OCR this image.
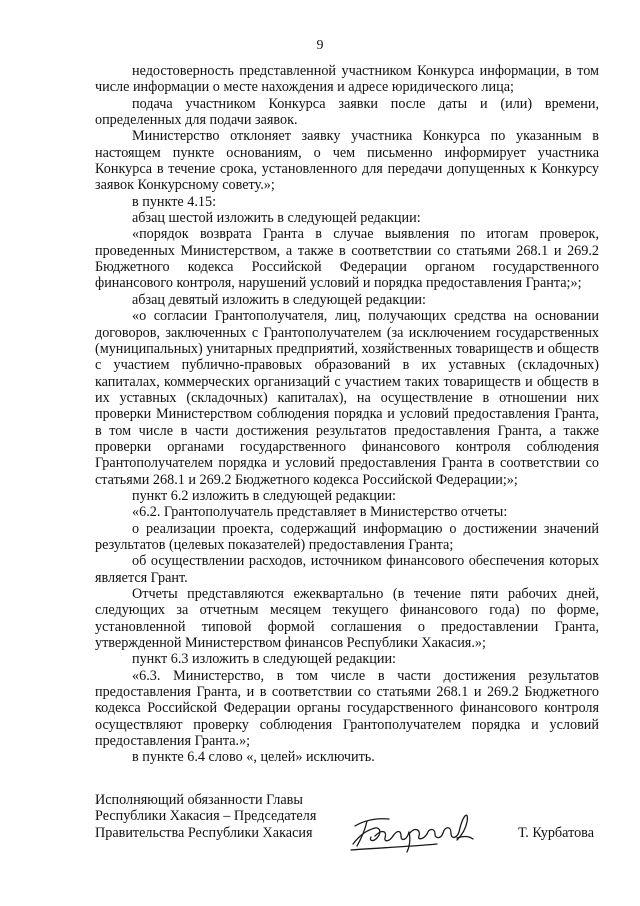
9

недостоверность представленной участником Конкурса информации, в том числе информации о месте нахождения и адресе юридического лица;

подача участником Конкурса заявки после даты и (или) времени, определенных для подачи заявок.

Министерство отклоняет заявку участника Конкурса по указанным в настоящем пункте основаниям, о чем письменно информирует участника Конкурса в течение срока, установленного для передачи допущенных к Конкурсу заявок Конкурсному совету.»;

в пункте 4.15:

абзац шестой изложить в следующей редакции:

«порядок возврата Гранта в случае выявления по итогам проверок, проведенных Министерством, а также в соответствии со статьями 268.1 и 269.2 Бюджетного кодекса Российской Федерации органом государственного финансового контроля, нарушений условий и порядка предоставления Гранта;»;

абзац девятый изложить в следующей редакции:

«о согласии Грантополучателя, лиц, получающих средства на основании договоров, заключенных с Грантополучателем (за исключением государственных (муниципальных) унитарных предприятий, хозяйственных товариществ и обществ с участием публично-правовых образований в их уставных (складочных) капиталах, коммерческих организаций с участием таких товариществ и обществ в их уставных (складочных) капиталах), на осуществление в отношении них проверки Министерством соблюдения порядка и условий предоставления Гранта, в том числе в части достижения результатов предоставления Гранта, а также проверки органами государственного финансового контроля соблюдения Грантополучателем порядка и условий предоставления Гранта в соответствии со статьями 268.1 и 269.2 Бюджетного кодекса Российской Федерации;»;

пункт 6.2 изложить в следующей редакции:

«6.2. Грантополучатель представляет в Министерство отчеты:

о реализации проекта, содержащий информацию о достижении значений результатов (целевых показателей) предоставления Гранта;

об осуществлении расходов, источником финансового обеспечения которых является Грант.

Отчеты представляются ежеквартально (в течение пяти рабочих дней, следующих за отчетным месяцем текущего финансового года) по форме, установленной типовой формой соглашения о предоставлении Гранта, утвержденной Министерством финансов Республики Хакасия.»;

пункт 6.3 изложить в следующей редакции:

«6.3. Министерство, в том числе в части достижения результатов предоставления Гранта, и в соответствии со статьями 268.1 и 269.2 Бюджетного кодекса Российской Федерации органы государственного финансового контроля осуществляют проверку соблюдения Грантополучателем порядка и условий предоставления Гранта.»;

в пункте 6.4 слово «, целей» исключить.

Исполняющий обязанности Главы
Республики Хакасия – Председателя
Правительства Республики Хакасия	Т. Курбатова
